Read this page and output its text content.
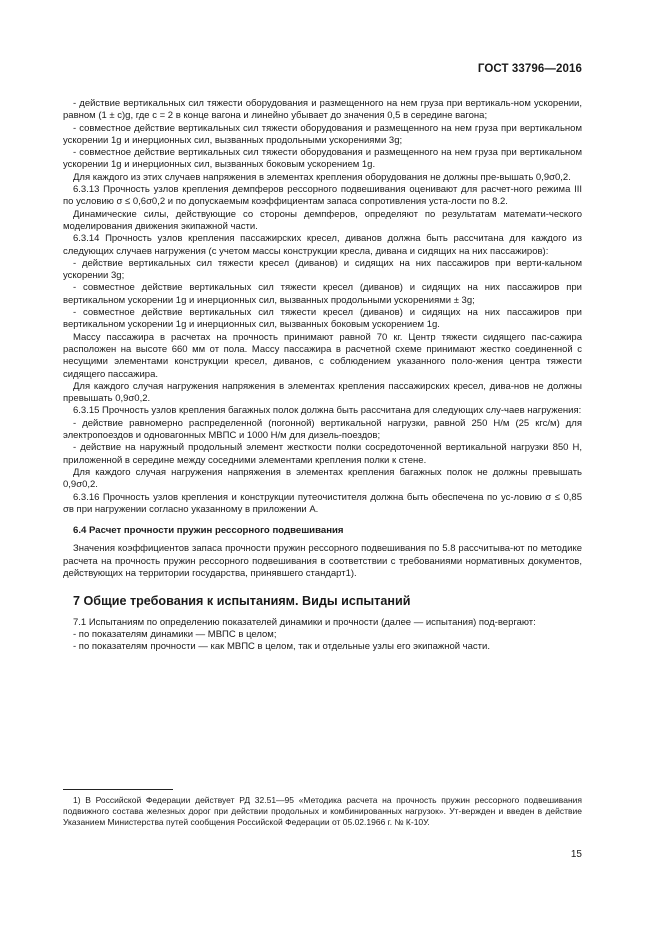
ГОСТ 33796—2016

- действие вертикальных сил тяжести оборудования и размещенного на нем груза при вертикаль-ном ускорении, равном (1 ± c)g, где c = 2 в конце вагона и линейно убывает до значения 0,5 в середине вагона;

- совместное действие вертикальных сил тяжести оборудования и размещенного на нем груза при вертикальном ускорении 1g и инерционных сил, вызванных продольными ускорениями 3g;

- совместное действие вертикальных сил тяжести оборудования и размещенного на нем груза при вертикальном ускорении 1g и инерционных сил, вызванных боковым ускорением 1g.

Для каждого из этих случаев напряжения в элементах крепления оборудования не должны пре-вышать 0,9σ0,2.

6.3.13 Прочность узлов крепления демпферов рессорного подвешивания оценивают для расчет-ного режима III по условию σ ≤ 0,6σ0,2 и по допускаемым коэффициентам запаса сопротивления уста-лости по 8.2.

Динамические силы, действующие со стороны демпферов, определяют по результатам математи-ческого моделирования движения экипажной части.

6.3.14 Прочность узлов крепления пассажирских кресел, диванов должна быть рассчитана для каждого из следующих случаев нагружения (с учетом массы конструкции кресла, дивана и сидящих на них пассажиров):

- действие вертикальных сил тяжести кресел (диванов) и сидящих на них пассажиров при верти-кальном ускорении 3g;

- совместное действие вертикальных сил тяжести кресел (диванов) и сидящих на них пассажиров при вертикальном ускорении 1g и инерционных сил, вызванных продольными ускорениями ± 3g;

- совместное действие вертикальных сил тяжести кресел (диванов) и сидящих на них пассажиров при вертикальном ускорении 1g и инерционных сил, вызванных боковым ускорением 1g.

Массу пассажира в расчетах на прочность принимают равной 70 кг. Центр тяжести сидящего пас-сажира расположен на высоте 660 мм от пола. Массу пассажира в расчетной схеме принимают жестко соединенной с несущими элементами конструкции кресел, диванов, с соблюдением указанного поло-жения центра тяжести сидящего пассажира.

Для каждого случая нагружения напряжения в элементах крепления пассажирских кресел, дива-нов не должны превышать 0,9σ0,2.

6.3.15 Прочность узлов крепления багажных полок должна быть рассчитана для следующих слу-чаев нагружения:

- действие равномерно распределенной (погонной) вертикальной нагрузки, равной 250 Н/м (25 кгс/м) для электропоездов и одновагонных МВПС и 1000 Н/м для дизель-поездов;

- действие на наружный продольный элемент жесткости полки сосредоточенной вертикальной нагрузки 850 Н, приложенной в середине между соседними элементами крепления полки к стене.

Для каждого случая нагружения напряжения в элементах крепления багажных полок не должны превышать 0,9σ0,2.

6.3.16 Прочность узлов крепления и конструкции путеочистителя должна быть обеспечена по ус-ловию σ ≤ 0,85 σв при нагружении согласно указанному в приложении А.

6.4 Расчет прочности пружин рессорного подвешивания

Значения коэффициентов запаса прочности пружин рессорного подвешивания по 5.8 рассчитыва-ют по методике расчета на прочность пружин рессорного подвешивания в соответствии с требованиями нормативных документов, действующих на территории государства, принявшего стандарт1).

7 Общие требования к испытаниям. Виды испытаний

7.1 Испытаниям по определению показателей динамики и прочности (далее — испытания) под-вергают:

- по показателям динамики — МВПС в целом;

- по показателям прочности — как МВПС в целом, так и отдельные узлы его экипажной части.

1) В Российской Федерации действует РД 32.51—95 «Методика расчета на прочность пружин рессорного подвешивания подвижного состава железных дорог при действии продольных и комбинированных нагрузок». Ут-вержден и введен в действие Указанием Министерства путей сообщения Российской Федерации от 05.02.1966 г. № К-10У.

15
